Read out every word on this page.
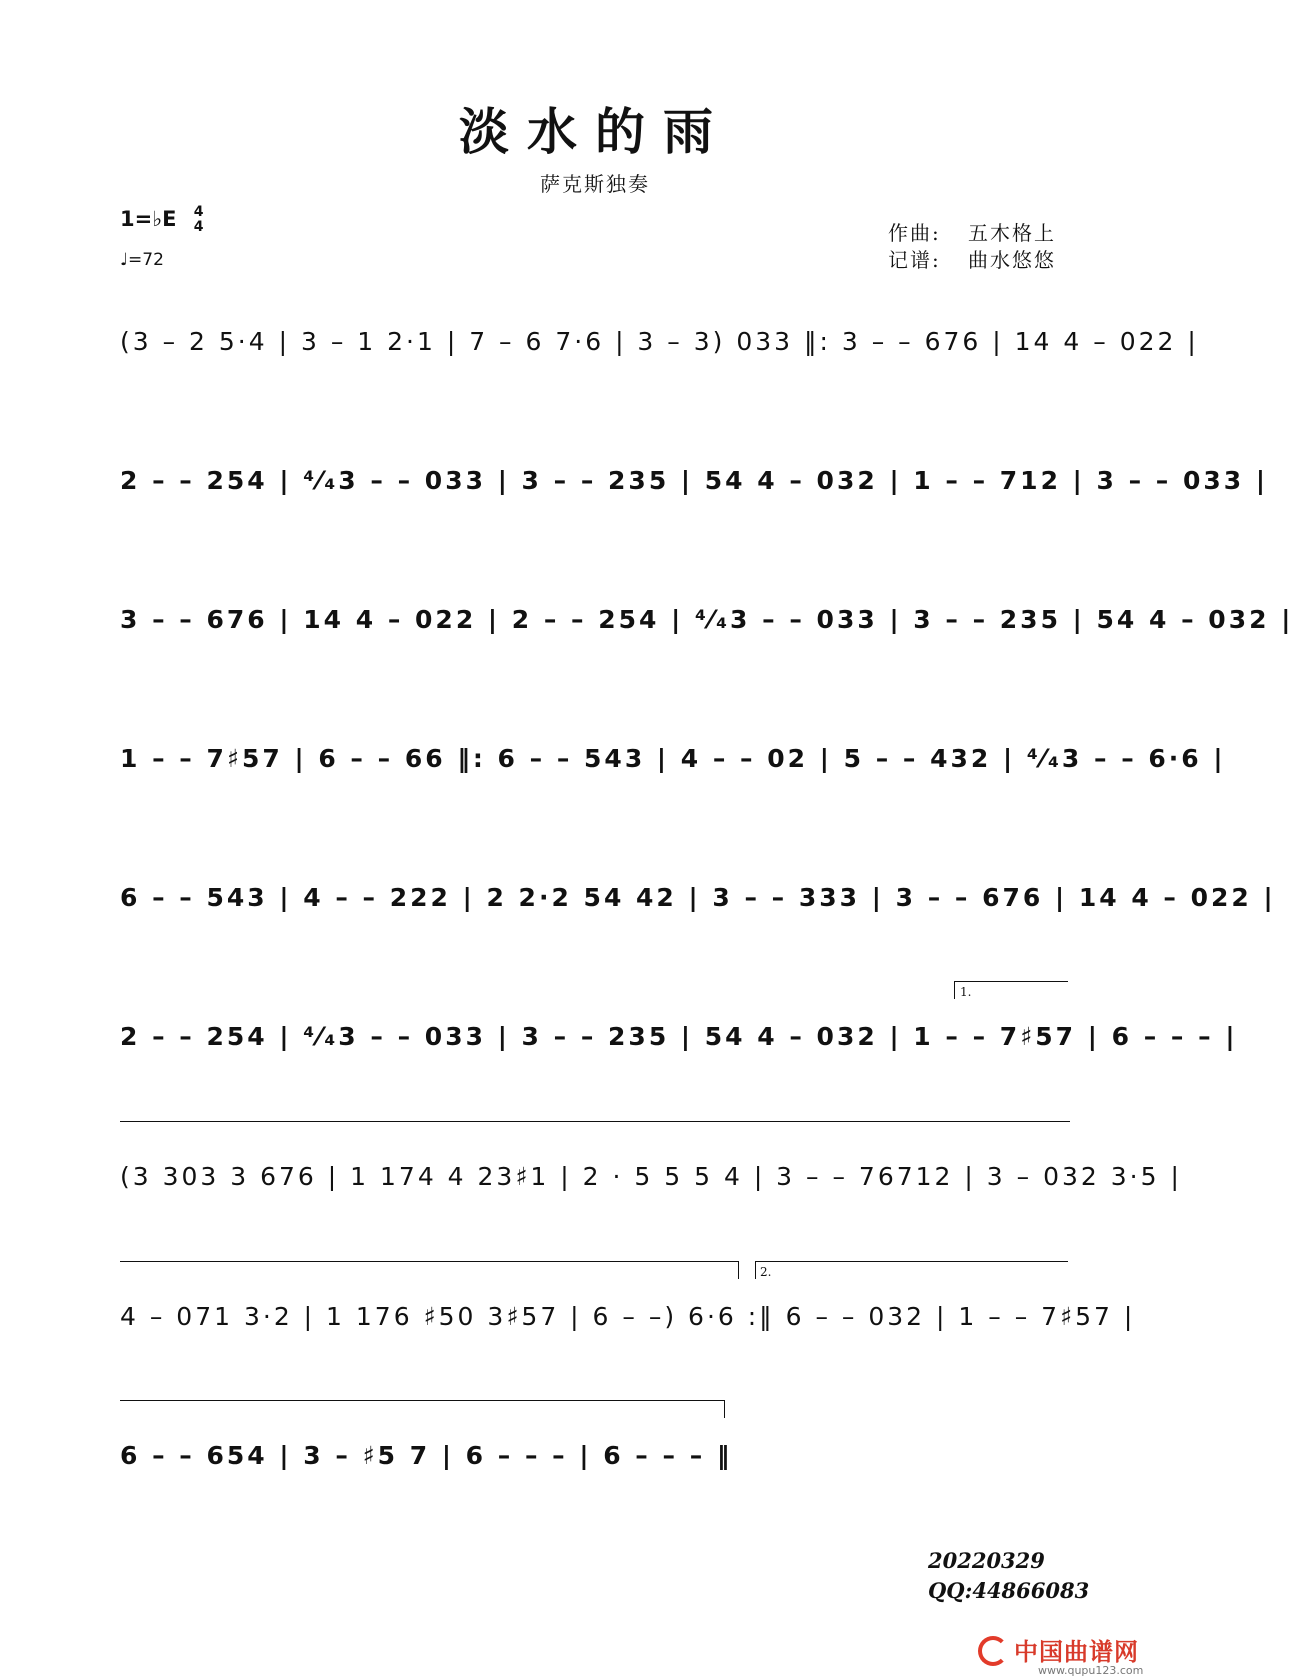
淡水的雨
萨克斯独奏
1=♭E 4
4
♩=72
作曲: 五木格上
记谱: 曲水悠悠
(3 – 2 5·4 | 3 – 1 2·1 | 7 – 6 7·6 | 3 – 3) 033 ‖: 3 – – 676 | 14 4 – 022 |
2 – – 254 | ⁴⁄₄3 – – 033 | 3 – – 235 | 54 4 – 032 | 1 – – 712 | 3 – – 033 |
3 – – 676 | 14 4 – 022 | 2 – – 254 | ⁴⁄₄3 – – 033 | 3 – – 235 | 54 4 – 032 |
1 – – 7♯57 | 6 – – 66 ‖: 6 – – 543 | 4 – – 02 | 5 – – 432 | ⁴⁄₄3 – – 6·6 |
6 – – 543 | 4 – – 222 | 2 2·2 54 42 | 3 – – 333 | 3 – – 676 | 14 4 – 022 |
2 – – 254 | ⁴⁄₄3 – – 033 | 3 – – 235 | 54 4 – 032 | 1 – – 7♯57 | 6 – – – |
1.
(3 303 3 676 | 1 174 4 23♯1 | 2 · 5 5 5 4 | 3 – – 76712 | 3 – 032 3·5 |
2.
4 – 071 3·2 | 1 176 ♯50 3♯57 | 6 – –) 6·6 :‖ 6 – – 032 | 1 – – 7♯57 |
6 – – 654 | 3 – ♯5 7 | 6 – – – | 6 – – – ‖
20220329
QQ:44866083
中国曲谱网
www.qupu123.com
